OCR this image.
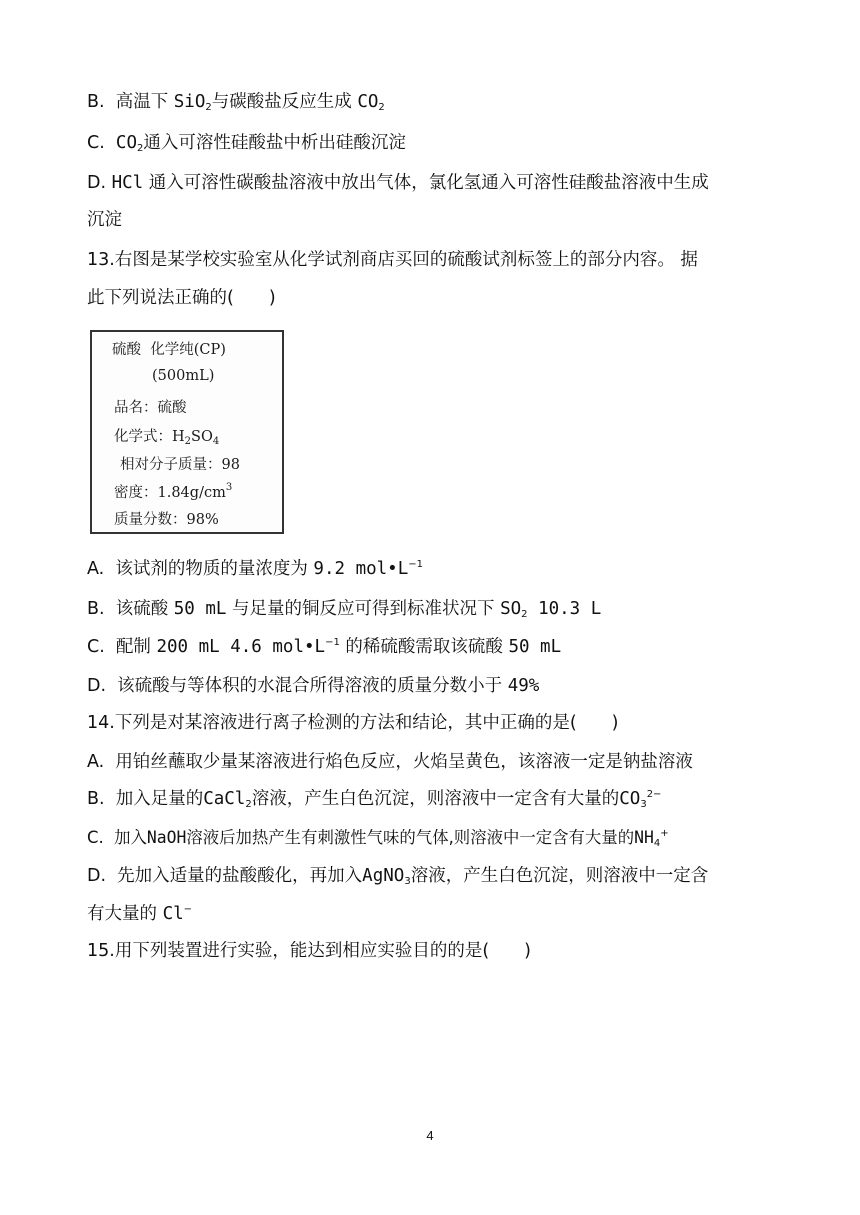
B.  高温下 SiO$_2$与碳酸盐反应生成 $CO_2$
C.  $CO_2$通入可溶性硅酸盐中析出硅酸沉淀
D. HCl 通入可溶性碳酸盐溶液中放出气体，氯化氢通入可溶性硅酸盐溶液中生成
沉淀
13.右图是某学校实验室从化学试剂商店买回的硫酸试剂标签上的部分内容。 据
此下列说法正确的(　　)
硫酸  化学纯(CP)
(500mL)
品名：硫酸
化学式：$H_2SO_4$
相对分子质量：98
密度：$1.84g/cm^3$
质量分数：98%
A.  该试剂的物质的量浓度为 9.2 $mol•L^{-1}$
B.  该硫酸 50 mL 与足量的铜反应可得到标准状况下 $SO_2$ 10.3 L
C.  配制 200 mL 4.6 $mol•L^{-1}$ 的稀硫酸需取该硫酸 50 mL
D.  该硫酸与等体积的水混合所得溶液的质量分数小于 49%
14.下列是对某溶液进行离子检测的方法和结论，其中正确的是(　　)
A.  用铂丝蘸取少量某溶液进行焰色反应，火焰呈黄色，该溶液一定是钠盐溶液
B.  加入足量的CaCl$_2$溶液，产生白色沉淀，则溶液中一定含有大量的$CO_3^{2-}$
C.  加入NaOH溶液后加热产生有刺激性气味的气体,则溶液中一定含有大量的$NH_4^+$
D.  先加入适量的盐酸酸化，再加入AgNO$_3$溶液，产生白色沉淀，则溶液中一定含
有大量的 Cl−
15.用下列装置进行实验，能达到相应实验目的的是(　　)
4
